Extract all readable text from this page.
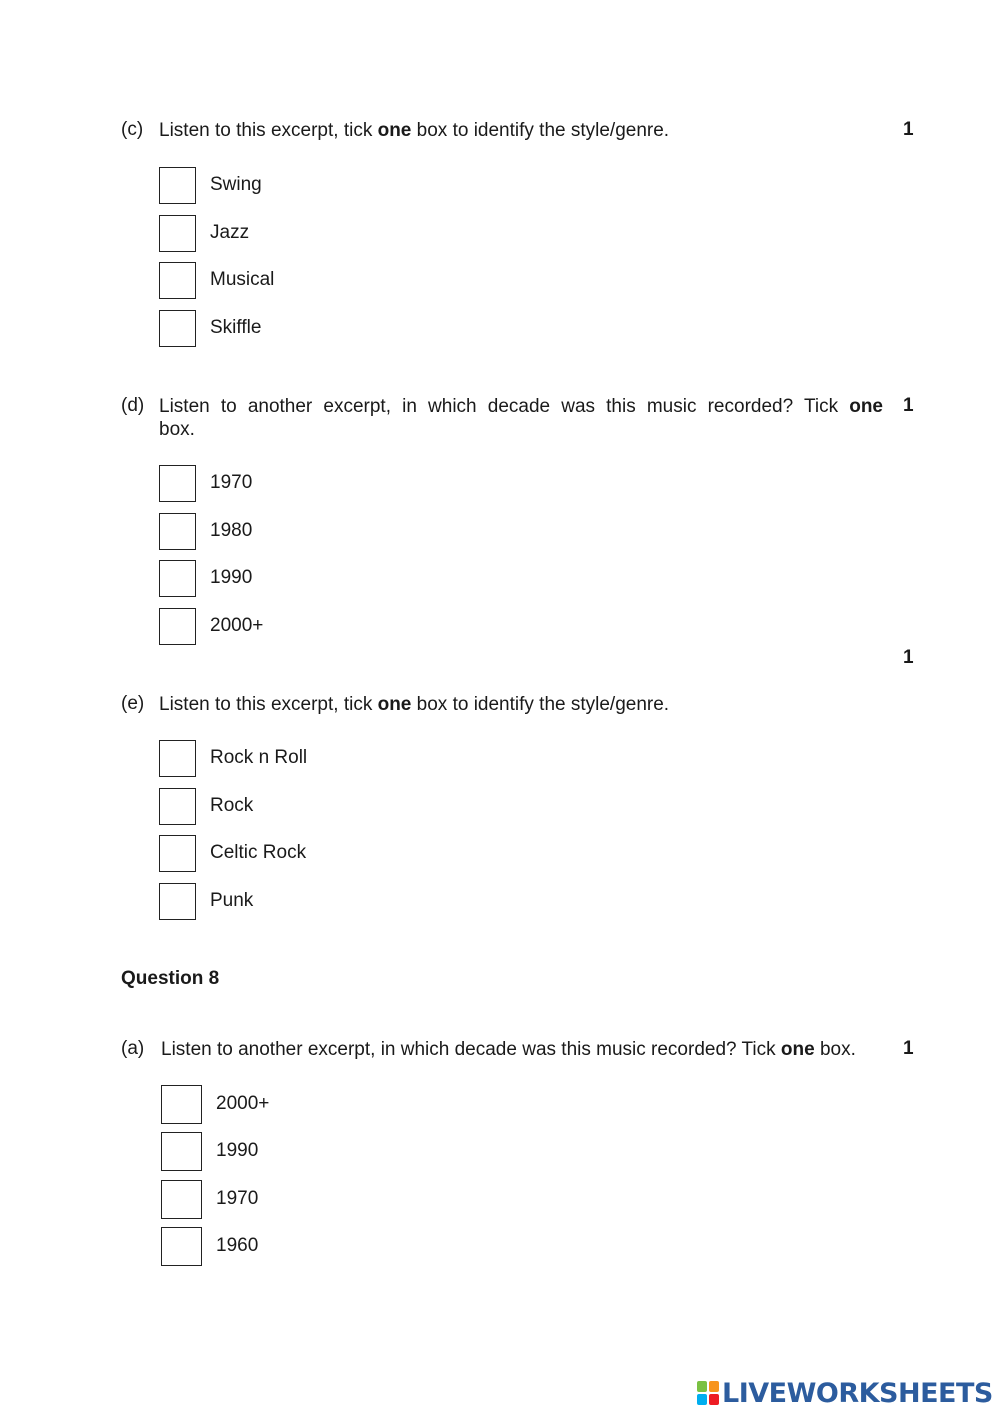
(c) Listen to this excerpt, tick one box to identify the style/genre.	1
Swing
Jazz
Musical
Skiffle
(d) Listen to another excerpt, in which decade was this music recorded? Tick one
box.
1
1970
1980
1990
2000+
1
(e) Listen to this excerpt, tick one box to identify the style/genre.
Rock n Roll
Rock
Celtic Rock
Punk
Question 8
(a) Listen to another excerpt, in which decade was this music recorded? Tick one box. 1
2000+
1990
1970
1960
LIVEWORKSHEETS
